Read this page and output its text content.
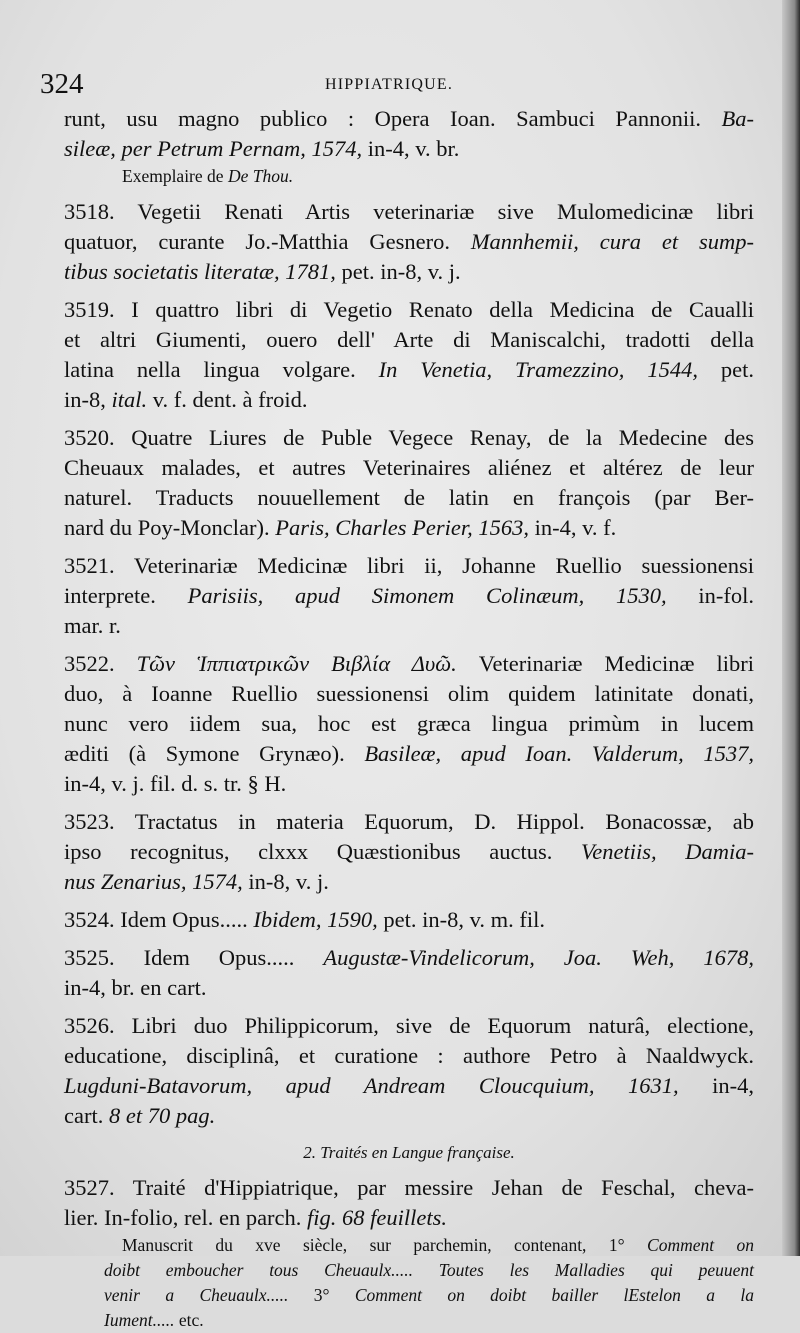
324	HIPPIATRIQUE.
runt, usu magno publico : Opera Ioan. Sambuci Pannonii. Ba-
sileæ, per Petrum Pernam, 1574, in-4, v. br.
Exemplaire de De Thou.
3518. Vegetii Renati Artis veterinariæ sive Mulomedicinæ libri
quatuor, curante Jo.-Matthia Gesnero. Mannhemii, cura et sump-
tibus societatis literatæ, 1781, pet. in-8, v. j.
3519. I quattro libri di Vegetio Renato della Medicina de Caualli
et altri Giumenti, ouero dell' Arte di Maniscalchi, tradotti della
latina nella lingua volgare. In Venetia, Tramezzino, 1544, pet.
in-8, ital. v. f. dent. à froid.
3520. Quatre Liures de Puble Vegece Renay, de la Medecine des
Cheuaux malades, et autres Veterinaires aliénez et altérez de leur
naturel. Traducts nouuellement de latin en françois (par Ber-
nard du Poy-Monclar). Paris, Charles Perier, 1563, in-4, v. f.
3521. Veterinariæ Medicinæ libri ii, Johanne Ruellio suessionensi
interprete. Parisiis, apud Simonem Colinæum, 1530, in-fol.
mar. r.
3522. Τῶν Ἱππιατρικῶν Βιβλία Δυῶ. Veterinariæ Medicinæ libri
duo, à Ioanne Ruellio suessionensi olim quidem latinitate donati,
nunc vero iidem sua, hoc est græca lingua primùm in lucem
æditi (à Symone Grynæo). Basileæ, apud Ioan. Valderum, 1537,
in-4, v. j. fil. d. s. tr. § H.
3523. Tractatus in materia Equorum, D. Hippol. Bonacossæ, ab
ipso recognitus, clxxx Quæstionibus auctus. Venetiis, Damia-
nus Zenarius, 1574, in-8, v. j.
3524. Idem Opus..... Ibidem, 1590, pet. in-8, v. m. fil.
3525. Idem Opus..... Augustæ-Vindelicorum, Joa. Weh, 1678,
in-4, br. en cart.
3526. Libri duo Philippicorum, sive de Equorum naturâ, electione,
educatione, disciplinâ, et curatione : authore Petro à Naaldwyck.
Lugduni-Batavorum, apud Andream Cloucquium, 1631, in-4,
cart. 8 et 70 pag.
2. Traités en Langue française.
3527. Traité d'Hippiatrique, par messire Jehan de Feschal, cheva-
lier. In-folio, rel. en parch. fig. 68 feuillets.
Manuscrit du xve siècle, sur parchemin, contenant, 1° Comment on
doibt emboucher tous Cheuaulx..... Toutes les Malladies qui peuuent
venir a Cheuaulx..... 3° Comment on doibt bailler lEstelon a la
Iument..... etc.
